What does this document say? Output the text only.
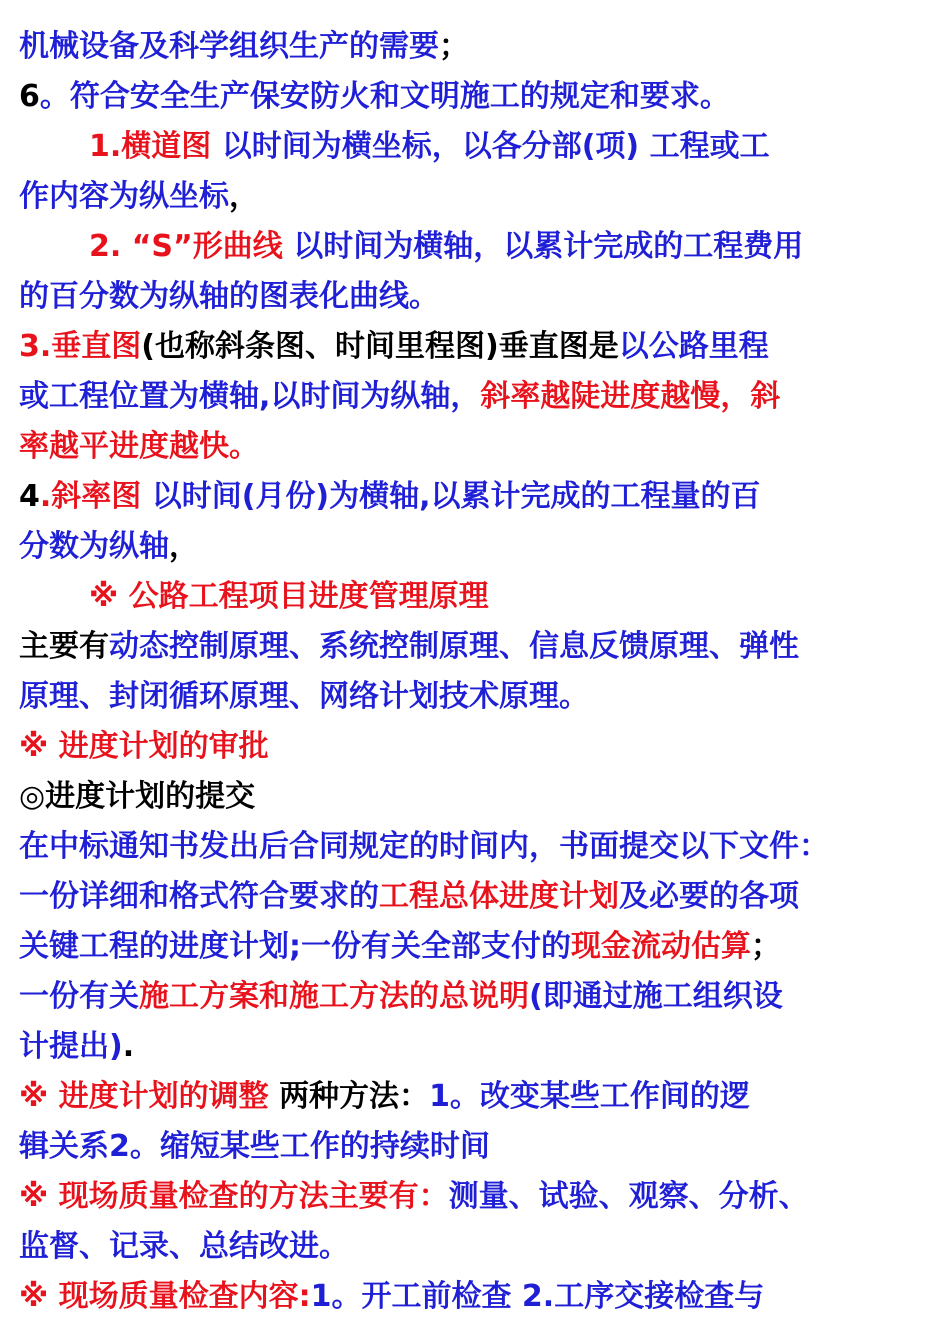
机械设备及科学组织生产的需要；
6。符合安全生产保安防火和文明施工的规定和要求。
1.横道图 以时间为横坐标，以各分部(项) 工程或工
作内容为纵坐标，
2. “S”形曲线 以时间为横轴，以累计完成的工程费用
的百分数为纵轴的图表化曲线。
3.垂直图(也称斜条图、时间里程图)垂直图是以公路里程
或工程位置为横轴,以时间为纵轴，斜率越陡进度越慢，斜
率越平进度越快。
4.斜率图 以时间(月份)为横轴,以累计完成的工程量的百
分数为纵轴，
※ 公路工程项目进度管理原理
主要有动态控制原理、系统控制原理、信息反馈原理、弹性
原理、封闭循环原理、网络计划技术原理。
※ 进度计划的审批
◎进度计划的提交
在中标通知书发出后合同规定的时间内，书面提交以下文件：
一份详细和格式符合要求的工程总体进度计划及必要的各项
关键工程的进度计划;一份有关全部支付的现金流动估算；
一份有关施工方案和施工方法的总说明(即通过施工组织设
计提出).
※ 进度计划的调整 两种方法：1。改变某些工作间的逻
辑关系2。缩短某些工作的持续时间
※ 现场质量检查的方法主要有：测量、试验、观察、分析、
监督、记录、总结改进。
※ 现场质量检查内容:1。开工前检查 2.工序交接检查与
